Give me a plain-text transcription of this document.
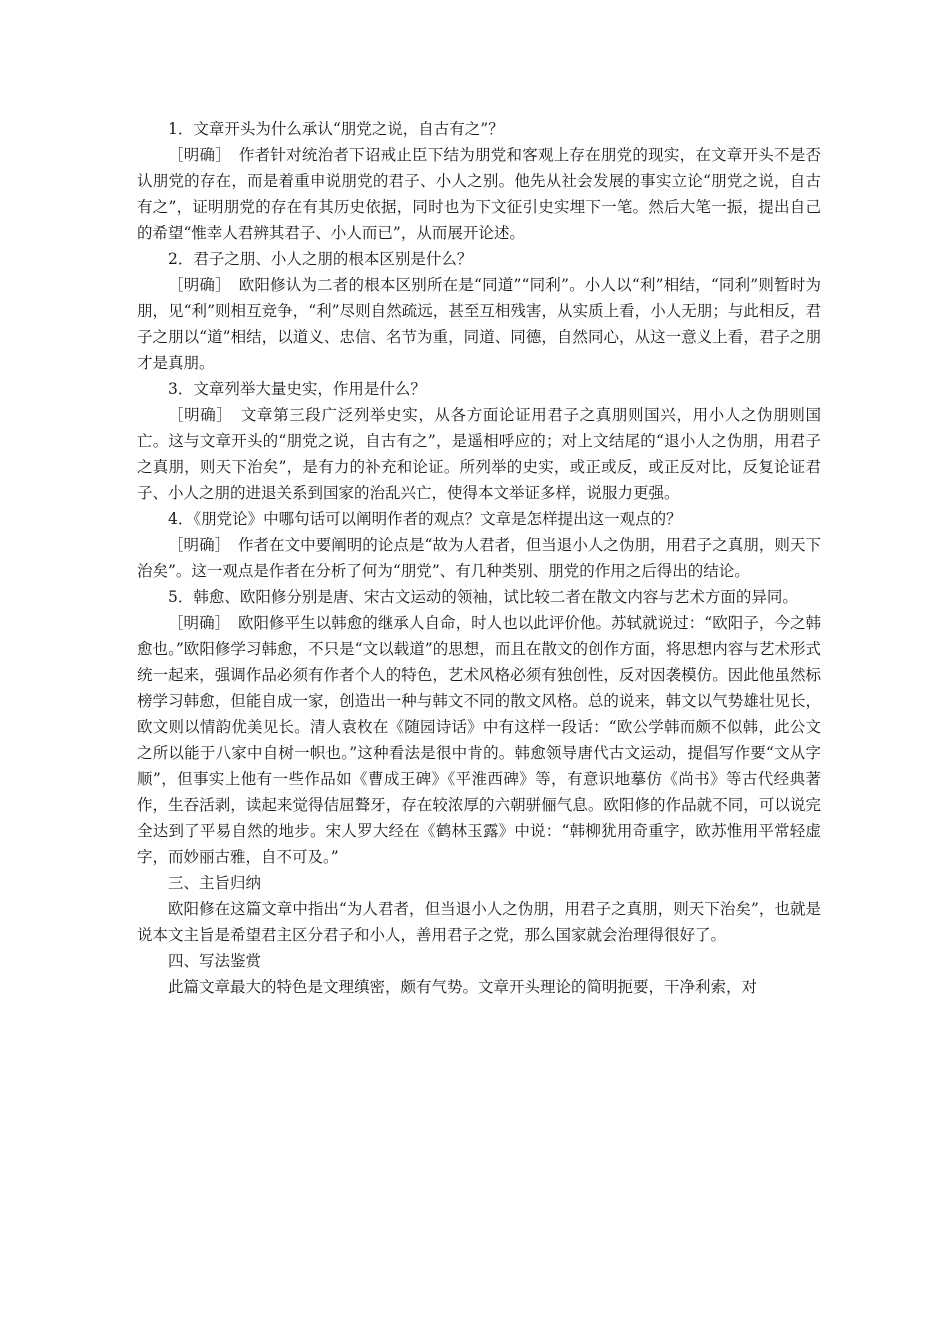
1．文章开头为什么承认“朋党之说，自古有之”？

［明确］　作者针对统治者下诏戒止臣下结为朋党和客观上存在朋党的现实，在文章开头不是否认朋党的存在，而是着重申说朋党的君子、小人之别。他先从社会发展的事实立论“朋党之说，自古有之”，证明朋党的存在有其历史依据，同时也为下文征引史实埋下一笔。然后大笔一振，提出自己的希望“惟幸人君辨其君子、小人而已”，从而展开论述。

2．君子之朋、小人之朋的根本区别是什么？

［明确］　欧阳修认为二者的根本区别所在是“同道”“同利”。小人以“利”相结，“同利”则暂时为朋，见“利”则相互竞争，“利”尽则自然疏远，甚至互相残害，从实质上看，小人无朋；与此相反，君子之朋以“道”相结，以道义、忠信、名节为重，同道、同德，自然同心，从这一意义上看，君子之朋才是真朋。

3．文章列举大量史实，作用是什么？

［明确］　文章第三段广泛列举史实，从各方面论证用君子之真朋则国兴，用小人之伪朋则国亡。这与文章开头的“朋党之说，自古有之”，是遥相呼应的；对上文结尾的“退小人之伪朋，用君子之真朋，则天下治矣”，是有力的补充和论证。所列举的史实，或正或反，或正反对比，反复论证君子、小人之朋的进退关系到国家的治乱兴亡，使得本文举证多样，说服力更强。

4．《朋党论》中哪句话可以阐明作者的观点？文章是怎样提出这一观点的？

［明确］　作者在文中要阐明的论点是“故为人君者，但当退小人之伪朋，用君子之真朋，则天下治矣”。这一观点是作者在分析了何为“朋党”、有几种类别、朋党的作用之后得出的结论。

5．韩愈、欧阳修分别是唐、宋古文运动的领袖，试比较二者在散文内容与艺术方面的异同。

［明确］　欧阳修平生以韩愈的继承人自命，时人也以此评价他。苏轼就说过：“欧阳子，今之韩愈也。”欧阳修学习韩愈，不只是“文以载道”的思想，而且在散文的创作方面，将思想内容与艺术形式统一起来，强调作品必须有作者个人的特色，艺术风格必须有独创性，反对因袭模仿。因此他虽然标榜学习韩愈，但能自成一家，创造出一种与韩文不同的散文风格。总的说来，韩文以气势雄壮见长，欧文则以情韵优美见长。清人袁枚在《随园诗话》中有这样一段话：“欧公学韩而颇不似韩，此公文之所以能于八家中自树一帜也。”这种看法是很中肯的。韩愈领导唐代古文运动，提倡写作要“文从字顺”，但事实上他有一些作品如《曹成王碑》《平淮西碑》等，有意识地摹仿《尚书》等古代经典著作，生吞活剥，读起来觉得佶屈聱牙，存在较浓厚的六朝骈俪气息。欧阳修的作品就不同，可以说完全达到了平易自然的地步。宋人罗大经在《鹤林玉露》中说：“韩柳犹用奇重字，欧苏惟用平常轻虚字，而妙丽古雅，自不可及。”

三、主旨归纳

欧阳修在这篇文章中指出“为人君者，但当退小人之伪朋，用君子之真朋，则天下治矣”，也就是说本文主旨是希望君主区分君子和小人，善用君子之党，那么国家就会治理得很好了。

四、写法鉴赏

此篇文章最大的特色是文理缜密，颇有气势。文章开头理论的简明扼要，干净利索，对
